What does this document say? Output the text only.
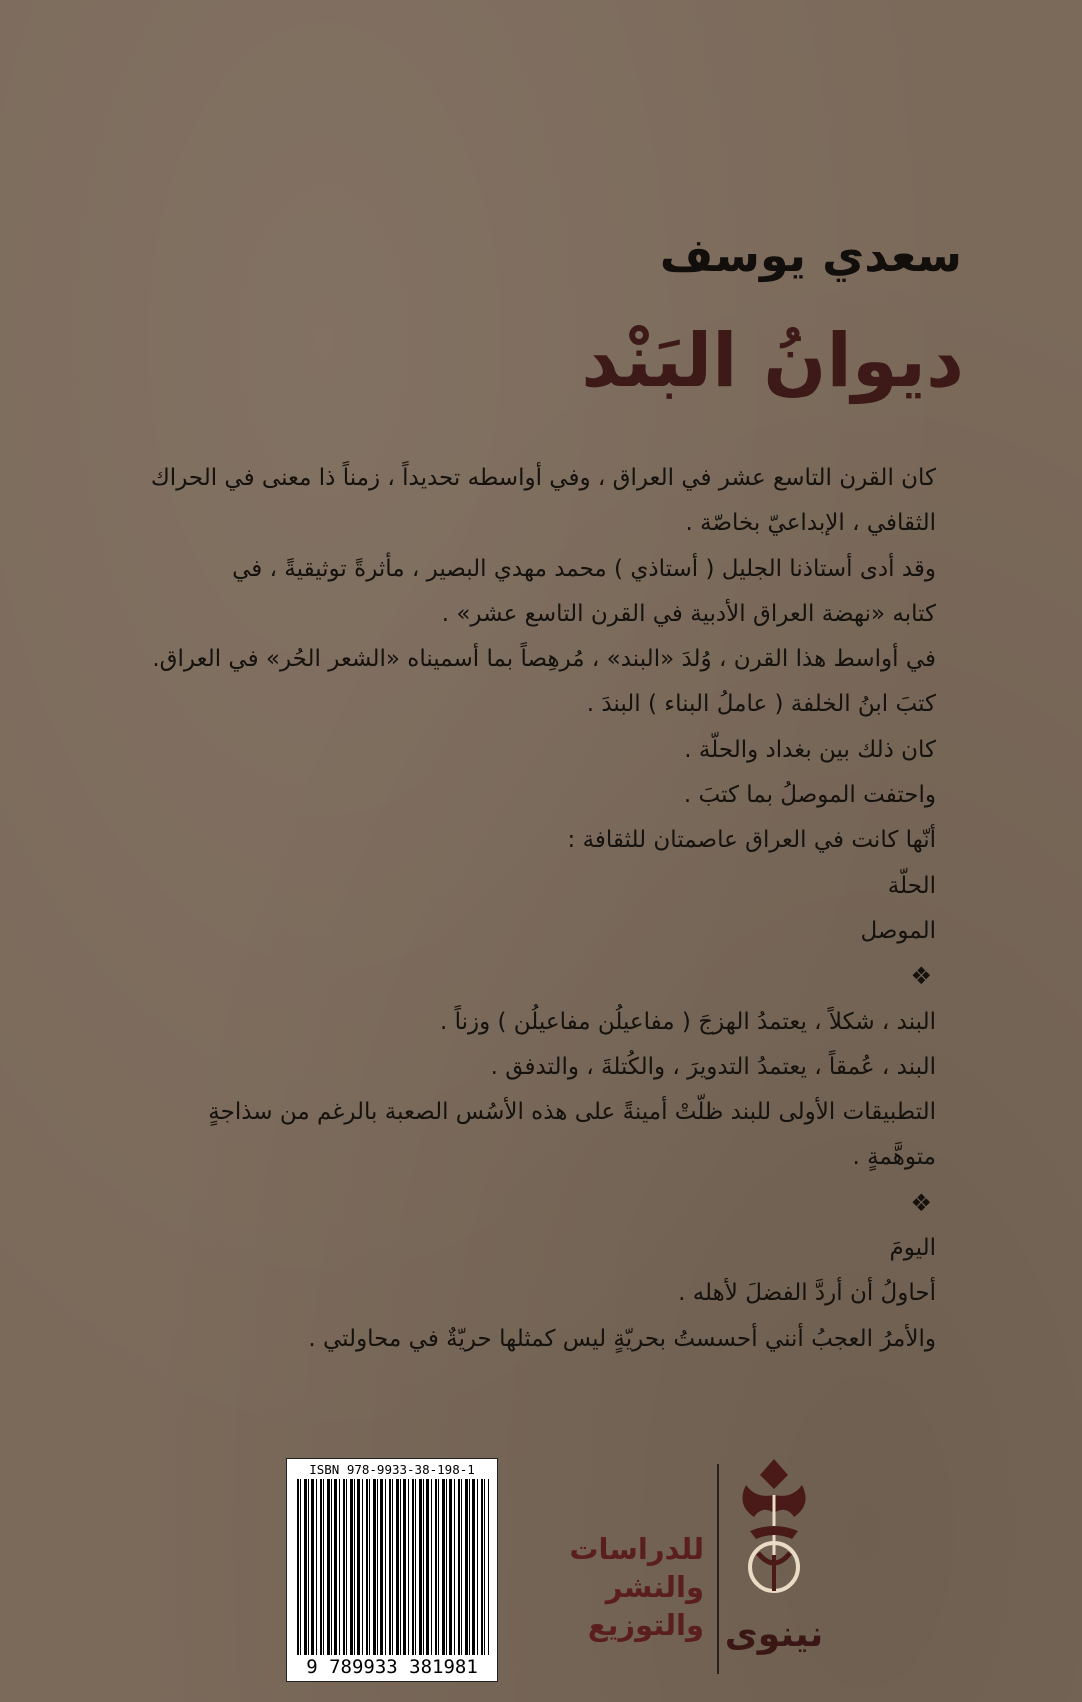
سعدي يوسف
ديوانُ البَنْد
كان القرن التاسع عشر في العراق ، وفي أواسطه تحديداً ، زمناً ذا معنى في الحراك
الثقافي ، الإبداعيّ بخاصّة .
وقد أدى أستاذنا الجليل ( أستاذي ) محمد مهدي البصير ، مأثرةً توثيقيةً ، في
كتابه «نهضة العراق الأدبية في القرن التاسع عشر» .
في أواسط هذا القرن ، وُلدَ «البند» ، مُرهِصاً بما أسميناه «الشعر الحُر» في العراق.
كتبَ ابنُ الخلفة ( عاملُ البناء ) البندَ .
كان ذلك بين بغداد والحلّة .
واحتفت الموصلُ بما كتبَ .
أنّها كانت في العراق عاصمتان للثقافة :
الحلّة
الموصل
❖
البند ، شكلاً ، يعتمدُ الهزجَ ( مفاعيلُن مفاعيلُن ) وزناً .
البند ، عُمقاً ، يعتمدُ التدويرَ ، والكُتلةَ ، والتدفق .
التطبيقات الأولى للبند ظلّتْ أمينةً على هذه الأسُس الصعبة بالرغم من سذاجةٍ
متوهَّمةٍ .
❖
اليومَ
أحاولُ أن أردَّ الفضلَ لأهله .
والأمرُ العجبُ أنني أحسستُ بحريّةٍ ليس كمثلها حريّةٌ في محاولتي .
ISBN 978-9933-38-198-1
9 789933 381981
للدراسات
والنشر
والتوزيع نينوى
